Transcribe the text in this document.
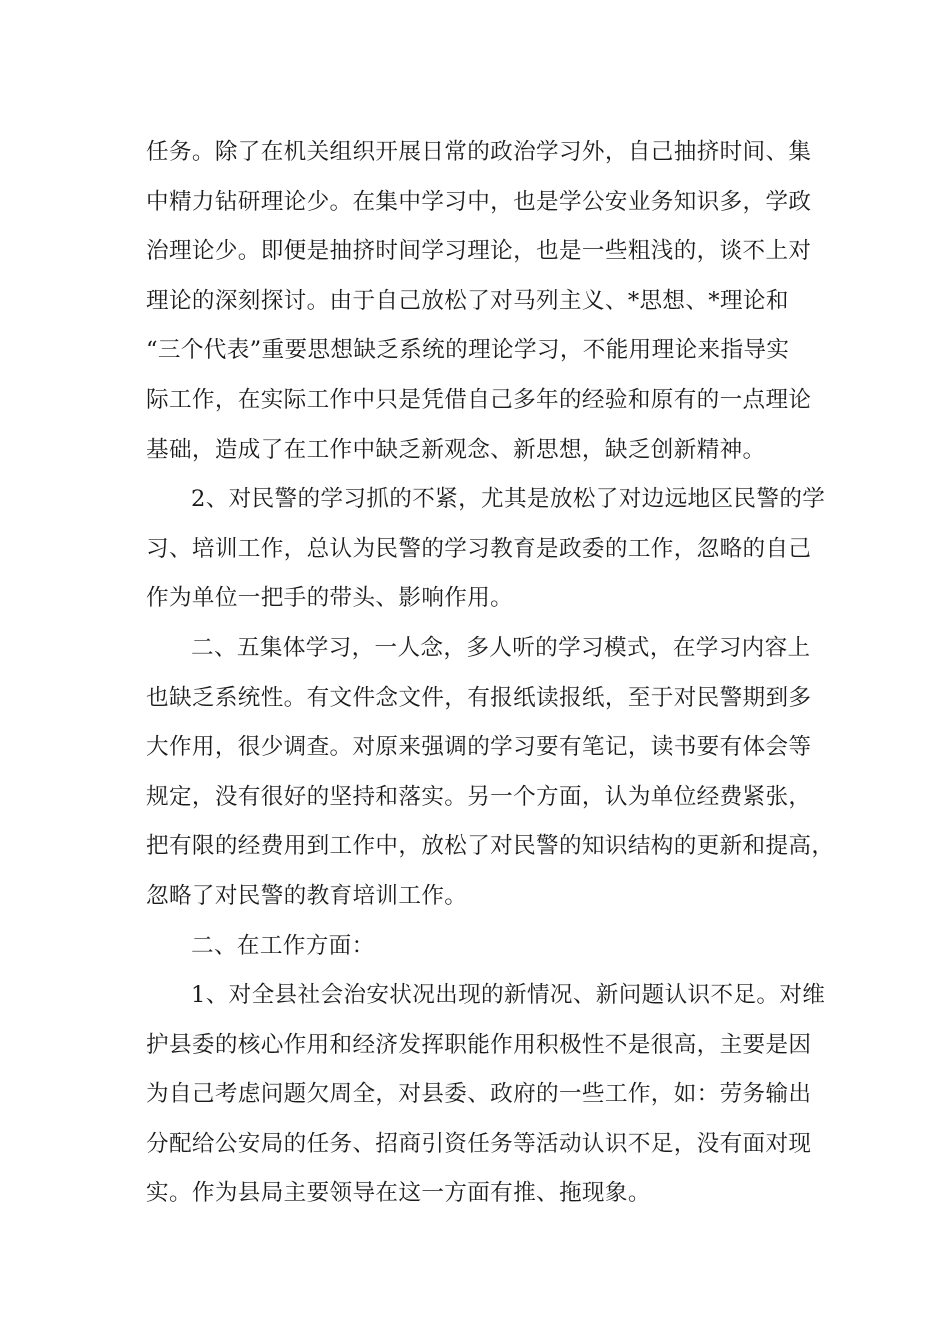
任务。除了在机关组织开展日常的政治学习外，自己抽挤时间、集
中精力钻研理论少。在集中学习中，也是学公安业务知识多，学政
治理论少。即便是抽挤时间学习理论，也是一些粗浅的，谈不上对
理论的深刻探讨。由于自己放松了对马列主义、*思想、*理论和
“三个代表”重要思想缺乏系统的理论学习，不能用理论来指导实
际工作，在实际工作中只是凭借自己多年的经验和原有的一点理论
基础，造成了在工作中缺乏新观念、新思想，缺乏创新精神。
2、对民警的学习抓的不紧，尤其是放松了对边远地区民警的学
习、培训工作，总认为民警的学习教育是政委的工作，忽略的自己
作为单位一把手的带头、影响作用。
二、五集体学习，一人念，多人听的学习模式，在学习内容上
也缺乏系统性。有文件念文件，有报纸读报纸，至于对民警期到多
大作用，很少调查。对原来强调的学习要有笔记，读书要有体会等
规定，没有很好的坚持和落实。另一个方面，认为单位经费紧张，
把有限的经费用到工作中，放松了对民警的知识结构的更新和提高，
忽略了对民警的教育培训工作。
二、在工作方面：
1、对全县社会治安状况出现的新情况、新问题认识不足。对维
护县委的核心作用和经济发挥职能作用积极性不是很高，主要是因
为自己考虑问题欠周全，对县委、政府的一些工作，如：劳务输出
分配给公安局的任务、招商引资任务等活动认识不足，没有面对现
实。作为县局主要领导在这一方面有推、拖现象。
